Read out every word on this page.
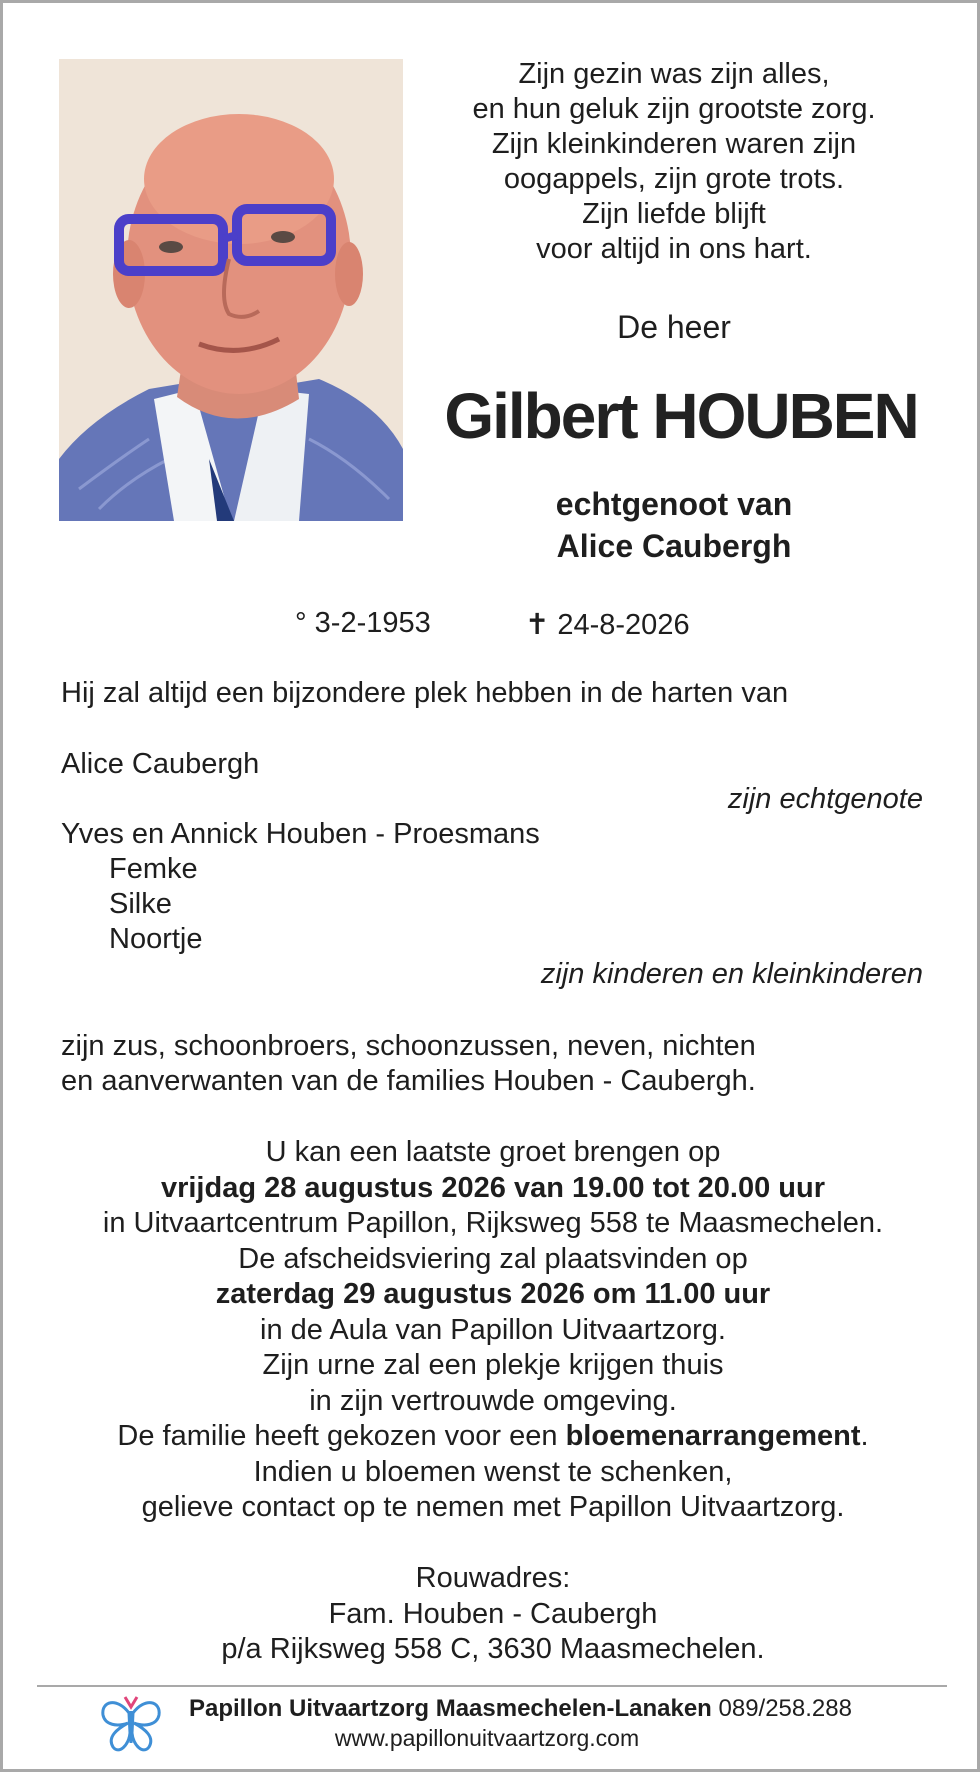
Zijn gezin was zijn alles,
en hun geluk zijn grootste zorg.
Zijn kleinkinderen waren zijn
oogappels, zijn grote trots.
Zijn liefde blijft
voor altijd in ons hart.
De heer
Gilbert HOUBEN
echtgenoot van
Alice Caubergh
° 3-2-1953	✝ 24-8-2026
Hij zal altijd een bijzondere plek hebben in de harten van
Alice Caubergh
zijn echtgenote
Yves en Annick Houben - Proesmans
Femke
Silke
Noortje
zijn kinderen en kleinkinderen
zijn zus, schoonbroers, schoonzussen, neven, nichten
en aanverwanten van de families Houben - Caubergh.
U kan een laatste groet brengen op
vrijdag 28 augustus 2026 van 19.00 tot 20.00 uur
in Uitvaartcentrum Papillon, Rijksweg 558 te Maasmechelen.
De afscheidsviering zal plaatsvinden op
zaterdag 29 augustus 2026 om 11.00 uur
in de Aula van Papillon Uitvaartzorg.
Zijn urne zal een plekje krijgen thuis
in zijn vertrouwde omgeving.
De familie heeft gekozen voor een bloemenarrangement.
Indien u bloemen wenst te schenken,
gelieve contact op te nemen met Papillon Uitvaartzorg.
Rouwadres:
Fam. Houben - Caubergh
p/a Rijksweg 558 C, 3630 Maasmechelen.
Papillon Uitvaartzorg Maasmechelen-Lanaken 089/258.288
www.papillonuitvaartzorg.com
